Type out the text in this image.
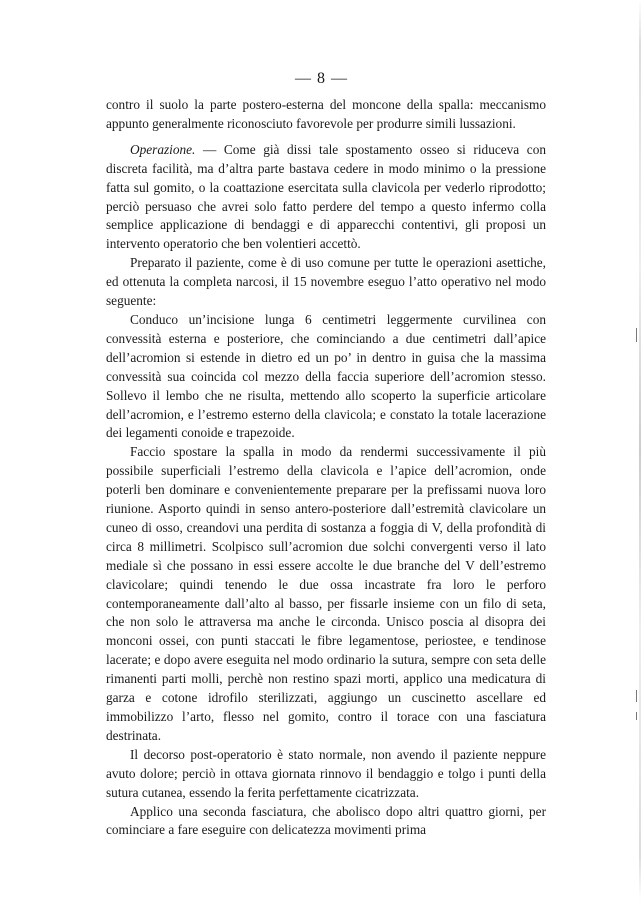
— 8 —

contro il suolo la parte postero-esterna del moncone della spalla: meccanismo appunto generalmente riconosciuto favorevole per produrre simili lussazioni.

Operazione. — Come già dissi tale spostamento osseo si riduceva con discreta facilità, ma d’altra parte bastava cedere in modo minimo o la pressione fatta sul gomito, o la coattazione esercitata sulla clavicola per vederlo riprodotto; perciò persuaso che avrei solo fatto perdere del tempo a questo infermo colla semplice applicazione di bendaggi e di apparecchi contentivi, gli proposi un intervento operatorio che ben volentieri accettò.

Preparato il paziente, come è di uso comune per tutte le operazioni asettiche, ed ottenuta la completa narcosi, il 15 novembre eseguo l’atto operativo nel modo seguente:

Conduco un’incisione lunga 6 centimetri leggermente curvilinea con convessità esterna e posteriore, che cominciando a due centimetri dall’apice dell’acromion si estende in dietro ed un po’ in dentro in guisa che la massima convessità sua coincida col mezzo della faccia superiore dell’acromion stesso. Sollevo il lembo che ne risulta, mettendo allo scoperto la superficie articolare dell’acromion, e l’estremo esterno della clavicola; e constato la totale lacerazione dei legamenti conoide e trapezoide.

Faccio spostare la spalla in modo da rendermi successivamente il più possibile superficiali l’estremo della clavicola e l’apice dell’acromion, onde poterli ben dominare e convenientemente preparare per la prefissami nuova loro riunione. Asporto quindi in senso antero-posteriore dall’estremità clavicolare un cuneo di osso, creandovi una perdita di sostanza a foggia di V, della profondità di circa 8 millimetri. Scolpisco sull’acromion due solchi convergenti verso il lato mediale sì che possano in essi essere accolte le due branche del V dell’estremo clavicolare; quindi tenendo le due ossa incastrate fra loro le perforo contemporaneamente dall’alto al basso, per fissarle insieme con un filo di seta, che non solo le attraversa ma anche le circonda. Unisco poscia al disopra dei monconi ossei, con punti staccati le fibre legamentose, periostee, e tendinose lacerate; e dopo avere eseguita nel modo ordinario la sutura, sempre con seta delle rimanenti parti molli, perchè non restino spazi morti, applico una medicatura di garza e cotone idrofilo sterilizzati, aggiungo un cuscinetto ascellare ed immobilizzo l’arto, flesso nel gomito, contro il torace con una fasciatura destrinata.

Il decorso post-operatorio è stato normale, non avendo il paziente neppure avuto dolore; perciò in ottava giornata rinnovo il bendaggio e tolgo i punti della sutura cutanea, essendo la ferita perfettamente cicatrizzata.

Applico una seconda fasciatura, che abolisco dopo altri quattro giorni, per cominciare a fare eseguire con delicatezza movimenti prima
